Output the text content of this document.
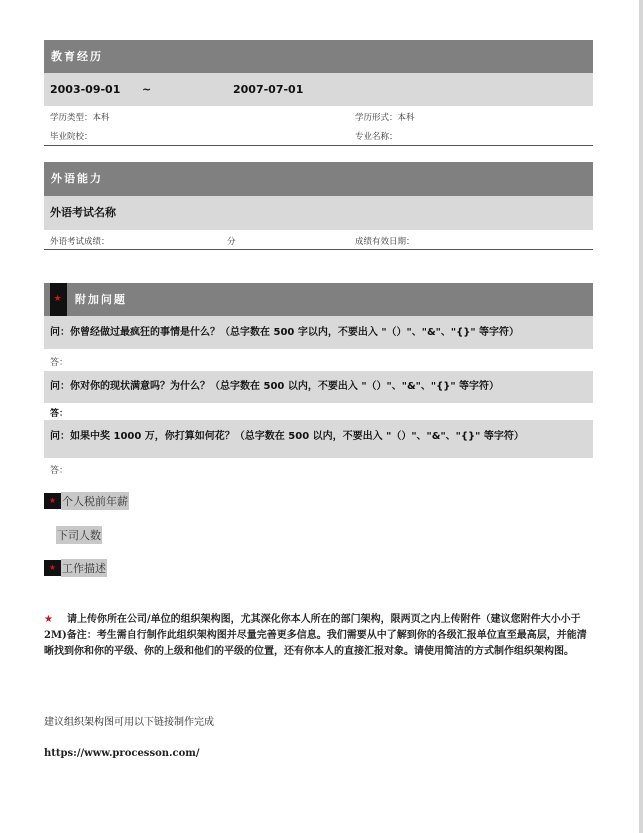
教育经历
2003-09-01 ~	2007-07-01
学历类型：本科	学历形式：本科
毕业院校：	专业名称：
外语能力
外语考试名称
外语考试成绩：	分	成绩有效日期：
★ 附加问题
问：你曾经做过最疯狂的事情是什么？（总字数在 500 字以内，不要出入 "（）"、"&"、"{}" 等字符）
答：
问：你对你的现状满意吗？为什么？（总字数在 500 以内，不要出入 "（）"、"&"、"{}" 等字符）
答：
问：如果中奖 1000 万，你打算如何花？（总字数在 500 以内，不要出入 "（）"、"&"、"{}" 等字符）
答：
★ 个人税前年薪
下司人数
★ 工作描述
★ 请上传你所在公司/单位的组织架构图，尤其深化你本人所在的部门架构，限两页之内上传附件（建议您附件大小小于 2M)备注：考生需自行制作此组织架构图并尽量完善更多信息。我们需要从中了解到你的各级汇报单位直至最高层，并能清晰找到你和你的平级、你的上级和他们的平级的位置，还有你本人的直接汇报对象。请使用简洁的方式制作组织架构图。
建议组织架构图可用以下链接制作完成
https://www.processon.com/
